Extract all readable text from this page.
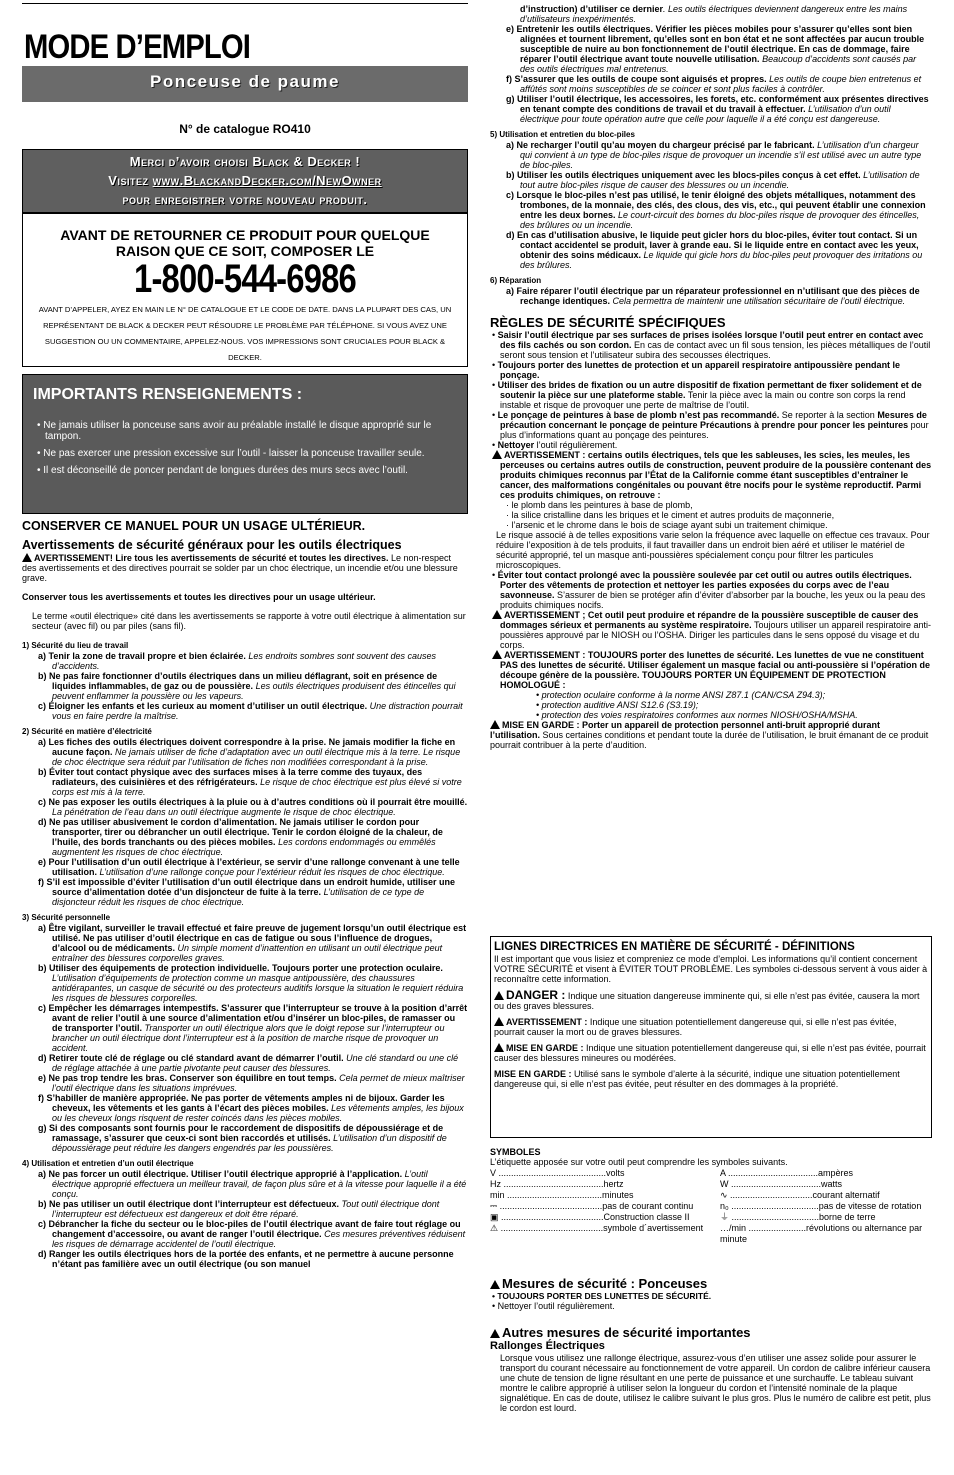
MODE D’EMPLOI
Ponceuse de paume
N° de catalogue RO410
Merci d’avoir choisi Black & Decker !
Visitez www.BlackandDecker.com/NewOwner
pour enregistrer votre nouveau produit.
AVANT DE RETOURNER CE PRODUIT POUR QUELQUE
RAISON QUE CE SOIT, COMPOSER LE
1-800-544-6986
AVANT D’APPELER, AYEZ EN MAIN LE N° DE CATALOGUE ET LE CODE DE DATE. DANS LA PLUPART DES CAS, UN REPRÉSENTANT DE BLACK & DECKER PEUT RÉSOUDRE LE PROBLÈME PAR TÉLÉPHONE. SI VOUS AVEZ UNE SUGGESTION OU UN COMMENTAIRE, APPELEZ-NOUS. VOS IMPRESSIONS SONT CRUCIALES POUR BLACK & DECKER.
IMPORTANTS RENSEIGNEMENTS :
• Ne jamais utiliser la ponceuse sans avoir au préalable installé le disque approprié sur le tampon.
• Ne pas exercer une pression excessive sur l’outil - laisser la ponceuse travailler seule.
• Il est déconseillé de poncer pendant de longues durées des murs secs avec l’outil.
CONSERVER CE MANUEL POUR UN USAGE ULTÉRIEUR.
Avertissements de sécurité généraux pour les outils électriques
AVERTISSEMENT! Lire tous les avertissements de sécurité et toutes les directives. Le non-respect des avertissements et des directives pourrait se solder par un choc électrique, un incendie et/ou une blessure grave.
Conserver tous les avertissements et toutes les directives pour un usage ultérieur.
Le terme «outil électrique» cité dans les avertissements se rapporte à votre outil électrique à alimentation sur secteur (avec fil) ou par piles (sans fil).
1) Sécurité du lieu de travail
a) Tenir la zone de travail propre et bien éclairée. Les endroits sombres sont souvent des causes d’accidents.
b) Ne pas faire fonctionner d’outils électriques dans un milieu déflagrant, soit en présence de liquides inflammables, de gaz ou de poussière. Les outils électriques produisent des étincelles qui peuvent enflammer la poussière ou les vapeurs.
c) Éloigner les enfants et les curieux au moment d’utiliser un outil électrique. Une distraction pourrait vous en faire perdre la maîtrise.
2) Sécurité en matière d’électricité
a) Les fiches des outils électriques doivent correspondre à la prise. Ne jamais modifier la fiche en aucune façon. Ne jamais utiliser de fiche d’adaptation avec un outil électrique mis à la terre. Le risque de choc électrique sera réduit par l’utilisation de fiches non modifiées correspondant à la prise.
b) Éviter tout contact physique avec des surfaces mises à la terre comme des tuyaux, des radiateurs, des cuisinières et des réfrigérateurs. Le risque de choc électrique est plus élevé si votre corps est mis à la terre.
c) Ne pas exposer les outils électriques à la pluie ou à d’autres conditions où il pourrait être mouillé. La pénétration de l’eau dans un outil électrique augmente le risque de choc électrique.
d) Ne pas utiliser abusivement le cordon d’alimentation. Ne jamais utiliser le cordon pour transporter, tirer ou débrancher un outil électrique. Tenir le cordon éloigné de la chaleur, de l’huile, des bords tranchants ou des pièces mobiles. Les cordons endommagés ou emmêlés augmentent les risques de choc électrique.
e) Pour l’utilisation d’un outil électrique à l’extérieur, se servir d’une rallonge convenant à une telle utilisation. L’utilisation d’une rallonge conçue pour l’extérieur réduit les risques de choc électrique.
f) S’il est impossible d’éviter l’utilisation d’un outil électrique dans un endroit humide, utiliser une source d’alimentation dotée d’un disjoncteur de fuite à la terre. L’utilisation de ce type de disjoncteur réduit les risques de choc électrique.
3) Sécurité personnelle
a) Être vigilant, surveiller le travail effectué et faire preuve de jugement lorsqu’un outil électrique est utilisé. Ne pas utiliser d’outil électrique en cas de fatigue ou sous l’influence de drogues, d’alcool ou de médicaments. Un simple moment d’inattention en utilisant un outil électrique peut entraîner des blessures corporelles graves.
b) Utiliser des équipements de protection individuelle. Toujours porter une protection oculaire. L’utilisation d’équipements de protection comme un masque antipoussière, des chaussures antidérapantes, un casque de sécurité ou des protecteurs auditifs lorsque la situation le requiert réduira les risques de blessures corporelles.
c) Empêcher les démarrages intempestifs. S’assurer que l’interrupteur se trouve à la position d’arrêt avant de relier l’outil à une source d’alimentation et/ou d’insérer un bloc-piles, de ramasser ou de transporter l’outil. Transporter un outil électrique alors que le doigt repose sur l’interrupteur ou brancher un outil électrique dont l’interrupteur est à la position de marche risque de provoquer un accident.
d) Retirer toute clé de réglage ou clé standard avant de démarrer l’outil. Une clé standard ou une clé de réglage attachée à une partie pivotante peut causer des blessures.
e) Ne pas trop tendre les bras. Conserver son équilibre en tout temps. Cela permet de mieux maîtriser l’outil électrique dans les situations imprévues.
f) S’habiller de manière appropriée. Ne pas porter de vêtements amples ni de bijoux. Garder les cheveux, les vêtements et les gants à l’écart des pièces mobiles. Les vêtements amples, les bijoux ou les cheveux longs risquent de rester coincés dans les pièces mobiles.
g) Si des composants sont fournis pour le raccordement de dispositifs de dépoussiérage et de ramassage, s’assurer que ceux-ci sont bien raccordés et utilisés. L’utilisation d’un dispositif de dépoussiérage peut réduire les dangers engendrés par les poussières.
4) Utilisation et entretien d’un outil électrique
a) Ne pas forcer un outil électrique. Utiliser l’outil électrique approprié à l’application. L’outil électrique approprié effectuera un meilleur travail, de façon plus sûre et à la vitesse pour laquelle il a été conçu.
b) Ne pas utiliser un outil électrique dont l’interrupteur est défectueux. Tout outil électrique dont l’interrupteur est défectueux est dangereux et doit être réparé.
c) Débrancher la fiche du secteur ou le bloc-piles de l’outil électrique avant de faire tout réglage ou changement d’accessoire, ou avant de ranger l’outil électrique. Ces mesures préventives réduisent les risques de démarrage accidentel de l’outil électrique.
d) Ranger les outils électriques hors de la portée des enfants, et ne permettre à aucune personne n’étant pas familière avec un outil électrique (ou son manuel
d’instruction) d’utiliser ce dernier. Les outils électriques deviennent dangereux entre les mains d’utilisateurs inexpérimentés.
e) Entretenir les outils électriques. Vérifier les pièces mobiles pour s’assurer qu’elles sont bien alignées et tournent librement, qu’elles sont en bon état et ne sont affectées par aucun trouble susceptible de nuire au bon fonctionnement de l’outil électrique. En cas de dommage, faire réparer l’outil électrique avant toute nouvelle utilisation. Beaucoup d’accidents sont causés par des outils électriques mal entretenus.
f) S’assurer que les outils de coupe sont aiguisés et propres. Les outils de coupe bien entretenus et affûtés sont moins susceptibles de se coincer et sont plus faciles à contrôler.
g) Utiliser l’outil électrique, les accessoires, les forets, etc. conformément aux présentes directives en tenant compte des conditions de travail et du travail à effectuer. L’utilisation d’un outil électrique pour toute opération autre que celle pour laquelle il a été conçu est dangereuse.
5) Utilisation et entretien du bloc-piles
a) Ne recharger l’outil qu’au moyen du chargeur précisé par le fabricant. L’utilisation d’un chargeur qui convient à un type de bloc-piles risque de provoquer un incendie s’il est utilisé avec un autre type de bloc-piles.
b) Utiliser les outils électriques uniquement avec les blocs-piles conçus à cet effet. L’utilisation de tout autre bloc-piles risque de causer des blessures ou un incendie.
c) Lorsque le bloc-piles n’est pas utilisé, le tenir éloigné des objets métalliques, notamment des trombones, de la monnaie, des clés, des clous, des vis, etc., qui peuvent établir une connexion entre les deux bornes. Le court-circuit des bornes du bloc-piles risque de provoquer des étincelles, des brûlures ou un incendie.
d) En cas d’utilisation abusive, le liquide peut gicler hors du bloc-piles, éviter tout contact. Si un contact accidentel se produit, laver à grande eau. Si le liquide entre en contact avec les yeux, obtenir des soins médicaux. Le liquide qui gicle hors du bloc-piles peut provoquer des irritations ou des brûlures.
6) Réparation
a) Faire réparer l’outil électrique par un réparateur professionnel en n’utilisant que des pièces de rechange identiques. Cela permettra de maintenir une utilisation sécuritaire de l’outil électrique.
RÈGLES DE SÉCURITÉ SPÉCIFIQUES
• Saisir l’outil électrique par ses surfaces de prises isolées lorsque l’outil peut entrer en contact avec des fils cachés ou son cordon. En cas de contact avec un fil sous tension, les pièces métalliques de l’outil seront sous tension et l’utilisateur subira des secousses électriques.
• Toujours porter des lunettes de protection et un appareil respiratoire antipoussière pendant le ponçage.
• Utiliser des brides de fixation ou un autre dispositif de fixation permettant de fixer solidement et de soutenir la pièce sur une plateforme stable. Tenir la pièce avec la main ou contre son corps la rend instable et risque de provoquer une perte de maîtrise de l’outil.
• Le ponçage de peintures à base de plomb n’est pas recommandé. Se reporter à la section Mesures de précaution concernant le ponçage de peinture Précautions à prendre pour poncer les peintures pour plus d’informations quant au ponçage des peintures.
• Nettoyer l’outil régulièrement.
AVERTISSEMENT : certains outils électriques, tels que les sableuses, les scies, les meules, les perceuses ou certains autres outils de construction, peuvent produire de la poussière contenant des produits chimiques reconnus par l’État de la Californie comme étant susceptibles d’entraîner le cancer, des malformations congénitales ou pouvant être nocifs pour le système reproductif. Parmi ces produits chimiques, on retrouve :
· le plomb dans les peintures à base de plomb,
· la silice cristalline dans les briques et le ciment et autres produits de maçonnerie,
· l’arsenic et le chrome dans le bois de sciage ayant subi un traitement chimique.
Le risque associé à de telles expositions varie selon la fréquence avec laquelle on effectue ces travaux. Pour réduire l’exposition à de tels produits, il faut travailler dans un endroit bien aéré et utiliser le matériel de sécurité approprié, tel un masque anti-poussières spécialement conçu pour filtrer les particules microscopiques.
• Éviter tout contact prolongé avec la poussière soulevée par cet outil ou autres outils électriques. Porter des vêtements de protection et nettoyer les parties exposées du corps avec de l’eau savonneuse. S’assurer de bien se protéger afin d’éviter d’absorber par la bouche, les yeux ou la peau des produits chimiques nocifs.
AVERTISSEMENT ; Cet outil peut produire et répandre de la poussière susceptible de causer des dommages sérieux et permanents au système respiratoire. Toujours utiliser un appareil respiratoire anti-poussières approuvé par le NIOSH ou l’OSHA. Diriger les particules dans le sens opposé du visage et du corps.
AVERTISSEMENT : TOUJOURS porter des lunettes de sécurité. Les lunettes de vue ne constituent PAS des lunettes de sécurité. Utiliser également un masque facial ou anti-poussière si l’opération de découpe génère de la poussière. TOUJOURS PORTER UN ÉQUIPEMENT DE PROTECTION HOMOLOGUÉ :
• protection oculaire conforme à la norme ANSI Z87.1 (CAN/CSA Z94.3);
• protection auditive ANSI S12.6 (S3.19);
• protection des voies respiratoires conformes aux normes NIOSH/OSHA/MSHA.
MISE EN GARDE : Porter un appareil de protection personnel anti-bruit approprié durant l’utilisation. Sous certaines conditions et pendant toute la durée de l’utilisation, le bruit émanant de ce produit pourrait contribuer à la perte d’audition.
LIGNES DIRECTRICES EN MATIÈRE DE SÉCURITÉ - DÉFINITIONS
Il est important que vous lisiez et compreniez ce mode d’emploi. Les informations qu’il contient concernent VOTRE SÉCURITÉ et visent à ÉVITER TOUT PROBLÈME. Les symboles ci-dessous servent à vous aider à reconnaître cette information.
DANGER : Indique une situation dangereuse imminente qui, si elle n’est pas évitée, causera la mort ou des graves blessures.
AVERTISSEMENT : Indique une situation potentiellement dangereuse qui, si elle n’est pas évitée, pourrait causer la mort ou de graves blessures.
MISE EN GARDE : Indique une situation potentiellement dangereuse qui, si elle n’est pas évitée, pourrait causer des blessures mineures ou modérées.
MISE EN GARDE : Utilisé sans le symbole d’alerte à la sécurité, indique une situation potentiellement dangereuse qui, si elle n’est pas évitée, peut résulter en des dommages à la propriété.
SYMBOLES
L’étiquette apposée sur votre outil peut comprendre les symboles suivants.
V ...........................................volts	A ....................................ampères
Hz ........................................hertz	W ....................................watts
min ......................................minutes	∿ .................................courant alternatif
⎓ .........................................pas de courant continu	n₀ ...................................pas de vitesse de rotation
▣ .........................................Construction classe II	⏚ ...................................borne de terre
⚠ .........................................symbole d´avertissement	…/min .......................révolutions ou alternance par minute
Mesures de sécurité : Ponceuses
• TOUJOURS PORTER DES LUNETTES DE SÉCURITÉ.
• Nettoyer l’outil régulièrement.
Autres mesures de sécurité importantes
Rallonges Électriques
Lorsque vous utilisez une rallonge électrique, assurez-vous d’en utiliser une assez solide pour assurer le transport du courant nécessaire au fonctionnement de votre appareil. Un cordon de calibre inférieur causera une chute de tension de ligne résultant en une perte de puissance et une surchauffe. Le tableau suivant montre le calibre approprié à utiliser selon la longueur du cordon et l’intensité nominale de la plaque signalétique. En cas de doute, utilisez le calibre suivant le plus gros. Plus le numéro de calibre est petit, plus le cordon est lourd.
